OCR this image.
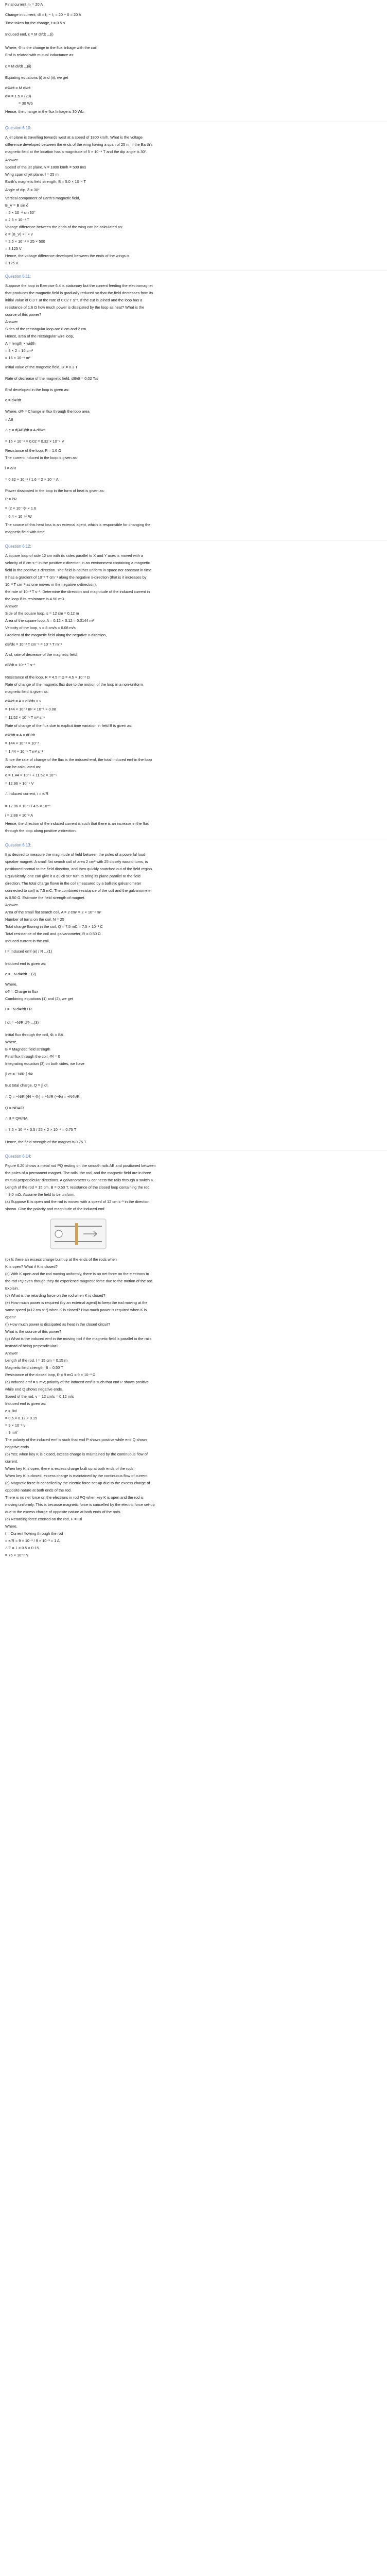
Final current, I₂ = 20 A
Change in current, dI = I₂ − I₁ = 20 − 0 = 20 A
Time taken for the change, t = 0.5 s
Induced emf, ε = M dI/dt ...(i)
Where, Φ is the change in the flux linkage with the coil.
Emf is related with mutual inductance as:
ε = M dI/dt ...(ii)
Equating equations (i) and (ii), we get
dΦ/dt = M dI/dt
dΦ = 1.5 × (20)
= 30 Wb
Hence, the change in the flux linkage is 30 Wb.
Question 6.10:
A jet plane is travelling towards west at a speed of 1800 km/h. What is the voltage
difference developed between the ends of the wing having a span of 25 m, if the Earth's
magnetic field at the location has a magnitude of 5 × 10⁻⁴ T and the dip angle is 30°.
Answer
Speed of the jet plane, v = 1800 km/h = 500 m/s
Wing span of jet plane, l = 25 m
Earth's magnetic field strength, B = 5.0 × 10⁻⁴ T
Angle of dip, δ = 30°
Vertical component of Earth's magnetic field,
B_V = B sin δ
= 5 × 10⁻⁴ sin 30°
= 2.5 × 10⁻⁴ T
Voltage difference between the ends of the wing can be calculated as:
e = (B_V) × l × v
= 2.5 × 10⁻⁴ × 25 × 500
= 3.125 V
Hence, the voltage difference developed between the ends of the wings is
3.125 V.
Question 6.11:
Suppose the loop in Exercise 6.4 is stationary but the current feeding the electromagnet
that produces the magnetic field is gradually reduced so that the field decreases from its
initial value of 0.3 T at the rate of 0.02 T s⁻¹. If the cut is joined and the loop has a
resistance of 1.6 Ω how much power is dissipated by the loop as heat? What is the
source of this power?
Answer
Sides of the rectangular loop are 8 cm and 2 cm.
Hence, area of the rectangular wire loop,
A = length × width
= 8 × 2 = 16 cm²
= 16 × 10⁻⁴ m²
Initial value of the magnetic field, B′ = 0.3 T
Rate of decrease of the magnetic field, dB/dt = 0.02 T/s
Emf developed in the loop is given as:
e = dΦ/dt
Where, dΦ = Change in flux through the loop area
= AB
∴ e = d(AB)/dt = A dB/dt
= 16 × 10⁻⁴ × 0.02 = 0.32 × 10⁻⁴ V
Resistance of the loop, R = 1.6 Ω
The current induced in the loop is given as:
i = e/R
= 0.32 × 10⁻⁴ / 1.6 = 2 × 10⁻⁵ A
Power dissipated in the loop in the form of heat is given as:
P = i²R
= (2 × 10⁻⁵)² × 1.6
= 6.4 × 10⁻¹⁰ W
The source of this heat loss is an external agent, which is responsible for changing the
magnetic field with time.
Question 6.12:
A square loop of side 12 cm with its sides parallel to X and Y axes is moved with a
velocity of 8 cm s⁻¹ in the positive x-direction in an environment containing a magnetic
field in the positive z-direction. The field is neither uniform in space nor constant in time.
It has a gradient of 10⁻³ T cm⁻¹ along the negative x-direction (that is it increases by
10⁻³ T cm⁻¹ as one moves in the negative x-direction),
the rate of 10⁻³ T s⁻¹. Determine the direction and magnitude of the induced current in
the loop if its resistance is 4.50 mΩ.
Answer
Side of the square loop, s = 12 cm = 0.12 m
Area of the square loop, A = 0.12 × 0.12 = 0.0144 m²
Velocity of the loop, v = 8 cm/s = 0.08 m/s
Gradient of the magnetic field along the negative x-direction,
dB/dx = 10⁻³ T cm⁻¹ = 10⁻¹ T m⁻¹
And, rate of decrease of the magnetic field,
dB/dt = 10⁻³ T s⁻¹
Resistance of the loop, R = 4.5 mΩ = 4.5 × 10⁻³ Ω
Rate of change of the magnetic flux due to the motion of the loop in a non-uniform
magnetic field is given as:
dΦ/dt = A × dB/dx × v
= 144 × 10⁻⁴ m² × 10⁻¹ × 0.08
= 11.52 × 10⁻⁵ T m² s⁻¹
Rate of change of the flux due to explicit time variation in field B is given as:
dΦ′/dt = A × dB/dt
= 144 × 10⁻⁴ × 10⁻³
= 1.44 × 10⁻⁵ T m² s⁻¹
Since the rate of change of the flux is the induced emf, the total induced emf in the loop
can be calculated as:
e = 1.44 × 10⁻⁵ + 11.52 × 10⁻⁵
= 12.96 × 10⁻⁵ V
∴ Induced current, i = e/R
= 12.96 × 10⁻⁵ / 4.5 × 10⁻³
i = 2.88 × 10⁻² A
Hence, the direction of the induced current is such that there is an increase in the flux
through the loop along positive z-direction.
Question 6.13:
It is desired to measure the magnitude of field between the poles of a powerful loud
speaker magnet. A small flat search coil of area 2 cm² with 25 closely wound turns, is
positioned normal to the field direction, and then quickly snatched out of the field region.
Equivalently, one can give it a quick 90° turn to bring its plane parallel to the field
direction. The total charge flown in the coil (measured by a ballistic galvanometer
connected to coil) is 7.5 mC. The combined resistance of the coil and the galvanometer
is 0.50 Ω. Estimate the field strength of magnet.
Answer
Area of the small flat search coil, A = 2 cm² = 2 × 10⁻⁴ m²
Number of turns on the coil, N = 25
Total charge flowing in the coil, Q = 7.5 mC = 7.5 × 10⁻³ C
Total resistance of the coil and galvanometer, R = 0.50 Ω
Induced current in the coil,
I = Induced emf (e) / R ...(1)
Induced emf is given as:
e = −N dΦ/dt ...(2)
Where,
dΦ = Charge in flux
Combining equations (1) and (2), we get
I = −N dΦ/dt / R
I dt = −N/R dΦ ...(3)
Initial flux through the coil, Φᵢ = BA
Where,
B = Magnetic field strength
Final flux through the coil, Φf = 0
Integrating equation (3) on both sides, we have
∫I dt = −N/R ∫ dΦ
But total charge, Q = ∫I dt.
∴ Q = −N/R (Φf − Φᵢ) = −N/R (−Φᵢ) = +NΦᵢ/R
Q = NBA/R
∴ B = QR/NA
= 7.5 × 10⁻³ × 0.5 / 25 × 2 × 10⁻⁴ = 0.75 T
Hence, the field strength of the magnet is 0.75 T.
Question 6.14:
Figure 6.20 shows a metal rod PQ resting on the smooth rails AB and positioned between
the poles of a permanent magnet. The rails, the rod, and the magnetic field are in three
mutual perpendicular directions. A galvanometer G connects the rails through a switch K.
Length of the rod = 15 cm, B = 0.50 T, resistance of the closed loop containing the rod
= 9.0 mΩ. Assume the field to be uniform.
(a) Suppose K is open and the rod is moved with a speed of 12 cm s⁻¹ in the direction
shown. Give the polarity and magnitude of the induced emf.
(b) Is there an excess charge built up at the ends of the rods when
K is open? What if K is closed?
(c) With K open and the rod moving uniformly, there is no net force on the electrons in
the rod PQ even though they do experience magnetic force due to the motion of the rod.
Explain.
(d) What is the retarding force on the rod when K is closed?
(e) How much power is required (by an external agent) to keep the rod moving at the
same speed (=12 cm s⁻¹) when K is closed? How much power is required when K is
open?
(f) How much power is dissipated as heat in the closed circuit?
What is the source of this power?
(g) What is the induced emf in the moving rod if the magnetic field is parallel to the rails
instead of being perpendicular?
Answer
Length of the rod, l = 15 cm = 0.15 m
Magnetic field strength, B = 0.50 T
Resistance of the closed loop, R = 9 mΩ = 9 × 10⁻³ Ω
(a) Induced emf = 9 mV; polarity of the induced emf is such that end P shows positive
while end Q shows negative ends.
Speed of the rod, v = 12 cm/s = 0.12 m/s
Induced emf is given as:
e = Bvl
= 0.5 × 0.12 × 0.15
= 9 × 10⁻³ v
= 9 mV
The polarity of the induced emf is such that end P shows positive while end Q shows
negative ends.
(b) Yes; when key K is closed, excess charge is maintained by the continuous flow of
current.
When key K is open, there is excess charge built up at both ends of the rods.
When key K is closed, excess charge is maintained by the continuous flow of current.
(c) Magnetic force is cancelled by the electric force set-up due to the excess charge of
opposite nature at both ends of the rod.
There is no net force on the electrons in rod PQ when key K is open and the rod is
moving uniformly. This is because magnetic force is cancelled by the electric force set-up
due to the excess charge of opposite nature at both ends of the rods.
(d) Retarding force exerted on the rod, F = IBl
Where,
I = Current flowing through the rod
= e/R = 9 × 10⁻³ / 9 × 10⁻³ = 1 A
∴ F = 1 × 0.5 × 0.15
= 75 × 10⁻³ N
